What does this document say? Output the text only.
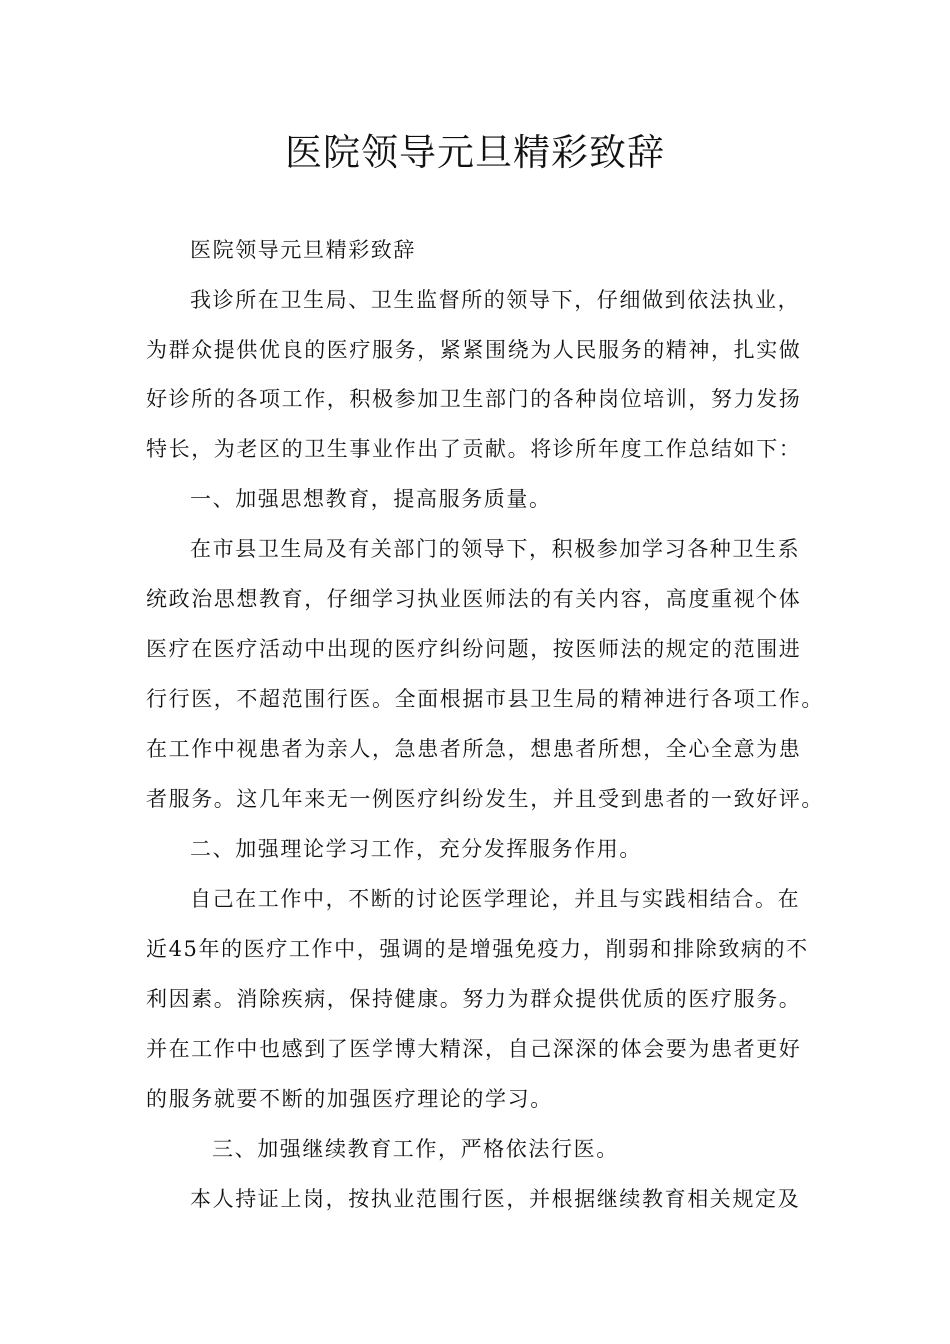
医院领导元旦精彩致辞
医院领导元旦精彩致辞
我诊所在卫生局、卫生监督所的领导下，仔细做到依法执业，
为群众提供优良的医疗服务，紧紧围绕为人民服务的精神，扎实做
好诊所的各项工作，积极参加卫生部门的各种岗位培训，努力发扬
特长，为老区的卫生事业作出了贡献。将诊所年度工作总结如下：
一、加强思想教育，提高服务质量。
在市县卫生局及有关部门的领导下，积极参加学习各种卫生系
统政治思想教育，仔细学习执业医师法的有关内容，高度重视个体
医疗在医疗活动中出现的医疗纠纷问题，按医师法的规定的范围进
行行医，不超范围行医。全面根据市县卫生局的精神进行各项工作。
在工作中视患者为亲人，急患者所急，想患者所想，全心全意为患
者服务。这几年来无一例医疗纠纷发生，并且受到患者的一致好评。
二、加强理论学习工作，充分发挥服务作用。
自己在工作中，不断的讨论医学理论，并且与实践相结合。在
近45年的医疗工作中，强调的是增强免疫力，削弱和排除致病的不
利因素。消除疾病，保持健康。努力为群众提供优质的医疗服务。
并在工作中也感到了医学博大精深，自己深深的体会要为患者更好
的服务就要不断的加强医疗理论的学习。
三、加强继续教育工作，严格依法行医。
本人持证上岗，按执业范围行医，并根据继续教育相关规定及
